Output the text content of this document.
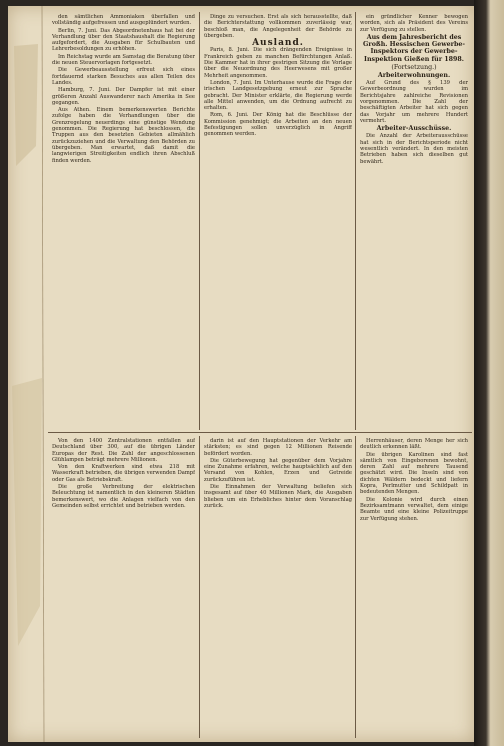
den sämtlichen Ammoniaken überfallen und vollständig aufgefressen und ausgeplündert wurden.

Berlin, 7. Juni. Das Abgeordnetenhaus hat bei der Verhandlung über den Staatshaushalt die Regierung aufgefordert, die Ausgaben für Schulbauten und Lehrerbesoldungen zu erhöhen.

Im Reichstag wurde am Samstag die Beratung über die neuen Steuervorlagen fortgesetzt.

Die Gewerbeausstellung erfreut sich eines fortdauernd starken Besuches aus allen Teilen des Landes.

Hamburg, 7. Juni. Der Dampfer ist mit einer größeren Anzahl Auswanderer nach Amerika in See gegangen.

Aus Athen. Einem bemerkenswerten Berichte zufolge haben die Verhandlungen über die Grenzregelung neuerdings eine günstige Wendung genommen. Die Regierung hat beschlossen, die Truppen aus den besetzten Gebieten allmählich zurückzuziehen und die Verwaltung den Behörden zu übergeben. Man erwartet, daß damit die langwierigen Streitigkeiten endlich ihren Abschluß finden werden.

Dinge zu versuchen. Erst als sich herausstellte, daß die Berichterstattung vollkommen zuverlässig war, beschloß man, die Angelegenheit der Behörde zu übergeben.

Ausland.

Paris, 8. Juni. Die sich drängenden Ereignisse in Frankreich geben zu manchen Befürchtungen Anlaß. Die Kammer hat in ihrer gestrigen Sitzung die Vorlage über die Neuordnung des Heerwesens mit großer Mehrheit angenommen.

London, 7. Juni. Im Unterhause wurde die Frage der irischen Landgesetzgebung erneut zur Sprache gebracht. Der Minister erklärte, die Regierung werde alle Mittel anwenden, um die Ordnung aufrecht zu erhalten.

Rom, 6. Juni. Der König hat die Beschlüsse der Kommission genehmigt; die Arbeiten an den neuen Befestigungen sollen unverzüglich in Angriff genommen werden.

ein gründlicher Kenner bewogen worden, sich als Präsident des Vereins zur Verfügung zu stellen.

Aus dem Jahresbericht des Großh. Hessischen Gewerbe-Inspektors der Gewerbe-Inspektion Gießen für 1898.

(Fortsetzung.)

Arbeiterwohnungen.

Auf Grund des § 139 der Gewerbeordnung wurden im Berichtsjahre zahlreiche Revisionen vorgenommen. Die Zahl der beschäftigten Arbeiter hat sich gegen das Vorjahr um mehrere Hundert vermehrt.

Arbeiter-Ausschüsse.

Die Anzahl der Arbeiterausschüsse hat sich in der Berichtsperiode nicht wesentlich verändert. In den meisten Betrieben haben sich dieselben gut bewährt.

Von den 1400 Zentralstationen entfallen auf Deutschland über 300, auf die übrigen Länder Europas der Rest. Die Zahl der angeschlossenen Glühlampen beträgt mehrere Millionen.

Von den Kraftwerken sind etwa 218 mit Wasserkraft betrieben, die übrigen verwenden Dampf oder Gas als Betriebskraft.

Die große Verbreitung der elektrischen Beleuchtung ist namentlich in den kleineren Städten bemerkenswert, wo die Anlagen vielfach von den Gemeinden selbst errichtet und betrieben werden.

darin ist auf den Hauptstationen der Verkehr am stärksten; es sind gegen 12 Millionen Reisende befördert worden.

Die Güterbewegung hat gegenüber dem Vorjahre eine Zunahme erfahren, welche hauptsächlich auf den Versand von Kohlen, Erzen und Getreide zurückzuführen ist.

Die Einnahmen der Verwaltung beliefen sich insgesamt auf über 40 Millionen Mark, die Ausgaben blieben um ein Erhebliches hinter dem Voranschlag zurück.

Herrenhäuser, deren Menge her sich deutlich erkennen läßt.

Die übrigen Karolinen sind fast sämtlich von Eingeborenen bewohnt, deren Zahl auf mehrere Tausend geschätzt wird. Die Inseln sind von dichten Wäldern bedeckt und liefern Kopra, Perlmutter und Schildpatt in bedeutenden Mengen.

Die Kolonie wird durch einen Bezirksamtmann verwaltet, dem einige Beamte und eine kleine Polizeitruppe zur Verfügung stehen.
